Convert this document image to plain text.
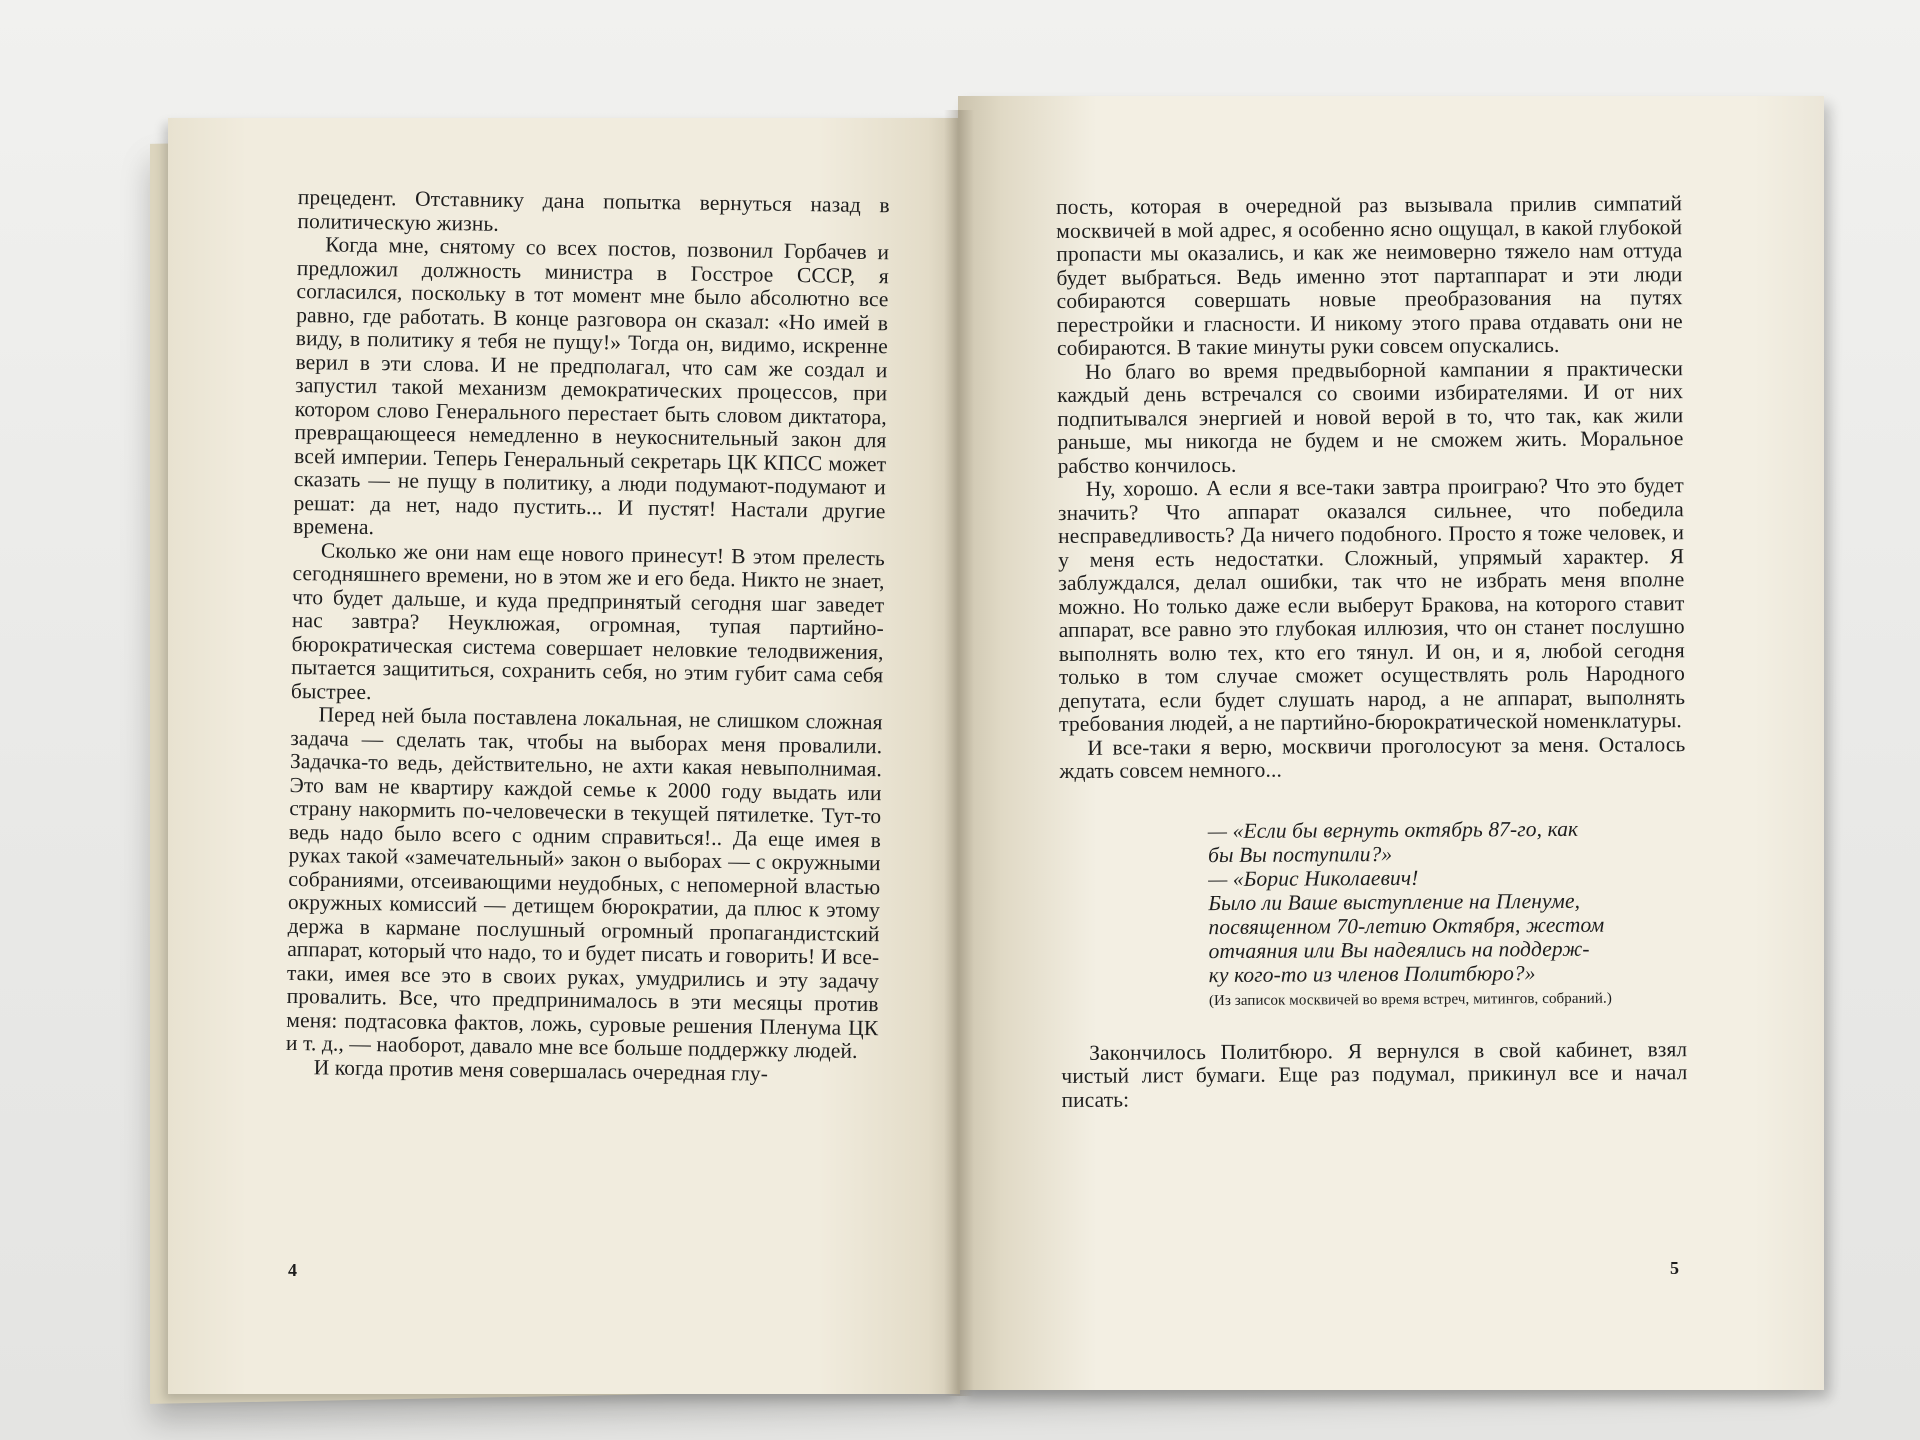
прецедент. Отставнику дана попытка вернуться назад в политическую жизнь.

Когда мне, снятому со всех постов, позвонил Горбачев и предложил должность министра в Госстрое СССР, я согласился, поскольку в тот момент мне было абсолютно все равно, где работать. В конце разговора он сказал: «Но имей в виду, в политику я тебя не пущу!» Тогда он, видимо, искренне верил в эти слова. И не предполагал, что сам же создал и запустил такой механизм демократических процессов, при котором слово Генерального перестает быть словом диктатора, превращающееся немедленно в неукоснительный закон для всей империи. Теперь Генеральный секретарь ЦК КПСС может сказать — не пущу в политику, а люди подумают-подумают и решат: да нет, надо пустить... И пустят! Настали другие времена.

Сколько же они нам еще нового принесут! В этом прелесть сегодняшнего времени, но в этом же и его беда. Никто не знает, что будет дальше, и куда предпринятый сегодня шаг заведет нас завтра? Неуклюжая, огромная, тупая партийно-бюрократическая система совершает неловкие телодвижения, пытается защититься, сохранить себя, но этим губит сама себя быстрее.

Перед ней была поставлена локальная, не слишком сложная задача — сделать так, чтобы на выборах меня провалили. Задачка-то ведь, действительно, не ахти какая невыполнимая. Это вам не квартиру каждой семье к 2000 году выдать или страну накормить по-человечески в текущей пятилетке. Тут-то ведь надо было всего с одним справиться!.. Да еще имея в руках такой «замечательный» закон о выборах — с окружными собраниями, отсеивающими неудобных, с непомерной властью окружных комиссий — детищем бюрократии, да плюс к этому держа в кармане послушный огромный пропагандистский аппарат, который что надо, то и будет писать и говорить! И все-таки, имея все это в своих руках, умудрились и эту задачу провалить. Все, что предпринималось в эти месяцы против меня: подтасовка фактов, ложь, суровые решения Пленума ЦК и т. д., — наоборот, давало мне все больше поддержку людей.

И когда против меня совершалась очередная глу-

4

пость, которая в очередной раз вызывала прилив симпатий москвичей в мой адрес, я особенно ясно ощущал, в какой глубокой пропасти мы оказались, и как же неимоверно тяжело нам оттуда будет выбраться. Ведь именно этот партаппарат и эти люди собираются совершать новые преобразования на путях перестройки и гласности. И никому этого права отдавать они не собираются. В такие минуты руки совсем опускались.

Но благо во время предвыборной кампании я практически каждый день встречался со своими избирателями. И от них подпитывался энергией и новой верой в то, что так, как жили раньше, мы никогда не будем и не сможем жить. Моральное рабство кончилось.

Ну, хорошо. А если я все-таки завтра проиграю? Что это будет значить? Что аппарат оказался сильнее, что победила несправедливость? Да ничего подобного. Просто я тоже человек, и у меня есть недостатки. Сложный, упрямый характер. Я заблуждался, делал ошибки, так что не избрать меня вполне можно. Но только даже если выберут Бракова, на которого ставит аппарат, все равно это глубокая иллюзия, что он станет послушно выполнять волю тех, кто его тянул. И он, и я, любой сегодня только в том случае сможет осуществлять роль Народного депутата, если будет слушать народ, а не аппарат, выполнять требования людей, а не партийно-бюрократической номенклатуры.

И все-таки я верю, москвичи проголосуют за меня. Осталось ждать совсем немного...

— «Если бы вернуть октябрь 87-го, как
бы Вы поступили?»
— «Борис Николаевич!
Было ли Ваше выступление на Пленуме,
посвященном 70-летию Октября, жестом
отчаяния или Вы надеялись на поддерж-
ку кого-то из членов Политбюро?»
(Из записок москвичей во время встреч, митингов, собраний.)

Закончилось Политбюро. Я вернулся в свой кабинет, взял чистый лист бумаги. Еще раз подумал, прикинул все и начал писать:

5
